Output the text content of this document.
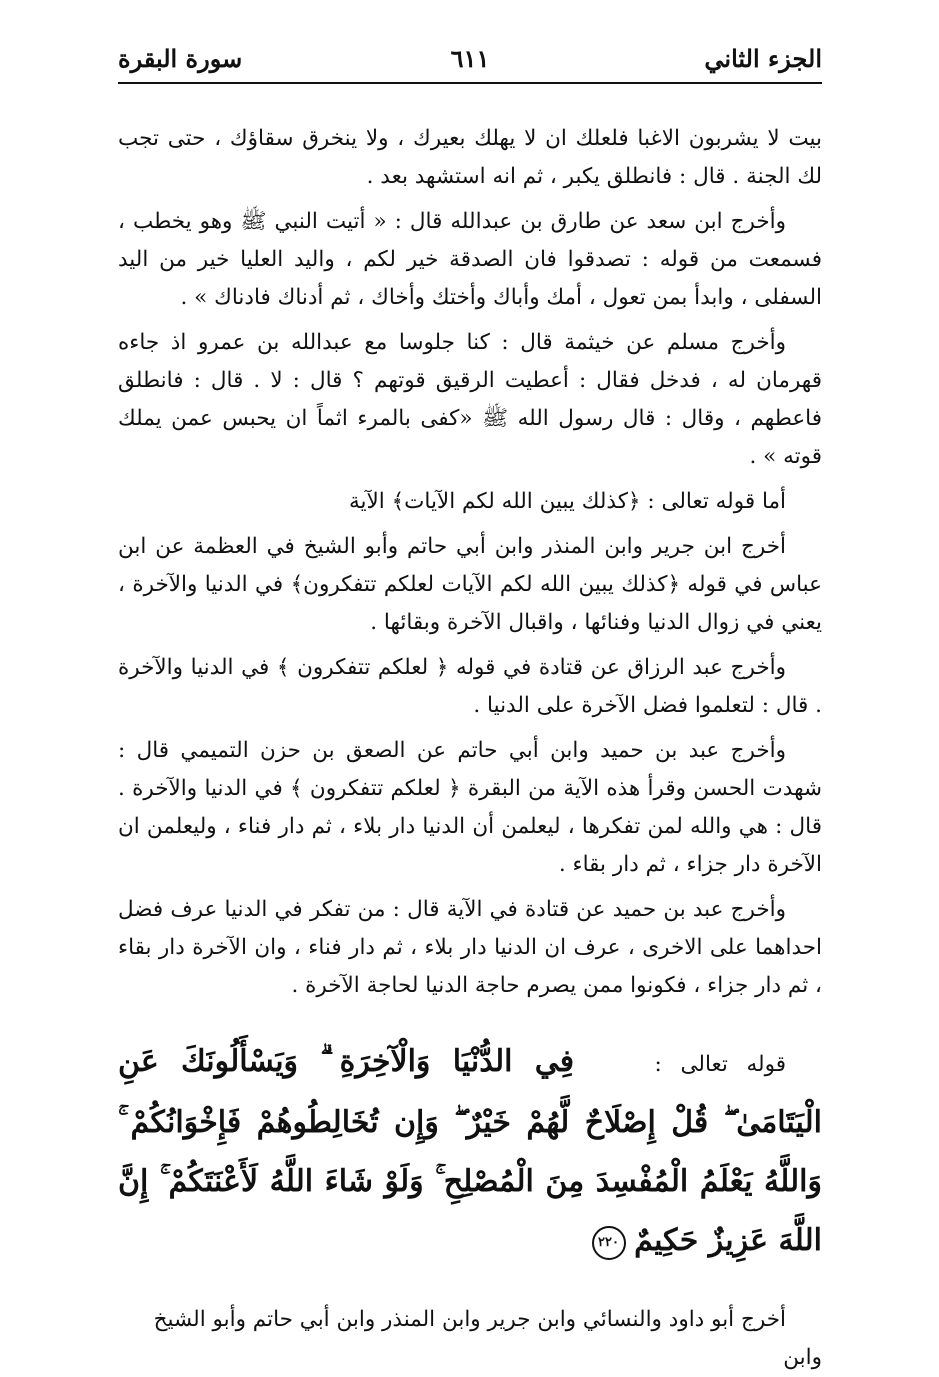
الجزء الثاني
٦١١
سورة البقرة

بيت لا يشربون الاغبا فلعلك ان لا يهلك بعيرك ، ولا ينخرق سقاؤك ، حتى تجب لك الجنة . قال : فانطلق يكبر ، ثم انه استشهد بعد .

وأخرج ابن سعد عن طارق بن عبدالله قال : « أتيت النبي ﷺ وهو يخطب ، فسمعت من قوله : تصدقوا فان الصدقة خير لكم ، واليد العليا خير من اليد السفلى ، وابدأ بمن تعول ، أمك وأباك وأختك وأخاك ، ثم أدناك فادناك » .

وأخرج مسلم عن خيثمة قال : كنا جلوسا مع عبدالله بن عمرو اذ جاءه قهرمان له ، فدخل فقال : أعطيت الرقيق قوتهم ؟ قال : لا . قال : فانطلق فاعطهم ، وقال : قال رسول الله ﷺ «كفى بالمرء اثماً ان يحبس عمن يملك قوته » .

أما قوله تعالى : ﴿كذلك يبين الله لكم الآيات﴾ الآية

أخرج ابن جرير وابن المنذر وابن أبي حاتم وأبو الشيخ في العظمة عن ابن عباس في قوله ﴿كذلك يبين الله لكم الآيات لعلكم تتفكرون﴾ في الدنيا والآخرة ، يعني في زوال الدنيا وفنائها ، واقبال الآخرة وبقائها .

وأخرج عبد الرزاق عن قتادة في قوله ﴿ لعلكم تتفكرون ﴾ في الدنيا والآخرة . قال : لتعلموا فضل الآخرة على الدنيا .

وأخرج عبد بن حميد وابن أبي حاتم عن الصعق بن حزن التميمي قال : شهدت الحسن وقرأ هذه الآية من البقرة ﴿ لعلكم تتفكرون ﴾ في الدنيا والآخرة . قال : هي والله لمن تفكرها ، ليعلمن أن الدنيا دار بلاء ، ثم دار فناء ، وليعلمن ان الآخرة دار جزاء ، ثم دار بقاء .

وأخرج عبد بن حميد عن قتادة في الآية قال : من تفكر في الدنيا عرف فضل احداهما على الاخرى ، عرف ان الدنيا دار بلاء ، ثم دار فناء ، وان الآخرة دار بقاء ، ثم دار جزاء ، فكونوا ممن يصرم حاجة الدنيا لحاجة الآخرة .

قوله تعالى : فِي الدُّنْيَا وَالْآخِرَةِ ۗ وَيَسْأَلُونَكَ عَنِ الْيَتَامَىٰ ۖ قُلْ إِصْلَاحٌ لَّهُمْ خَيْرٌ ۖ وَإِن تُخَالِطُوهُمْ فَإِخْوَانُكُمْ ۚ وَاللَّهُ يَعْلَمُ الْمُفْسِدَ مِنَ الْمُصْلِحِ ۚ وَلَوْ شَاءَ اللَّهُ لَأَعْنَتَكُمْ ۚ إِنَّ اللَّهَ عَزِيزٌ حَكِيمٌ ٢٢٠
أخرج أبو داود والنسائي وابن جرير وابن المنذر وابن أبي حاتم وأبو الشيخ وابن
